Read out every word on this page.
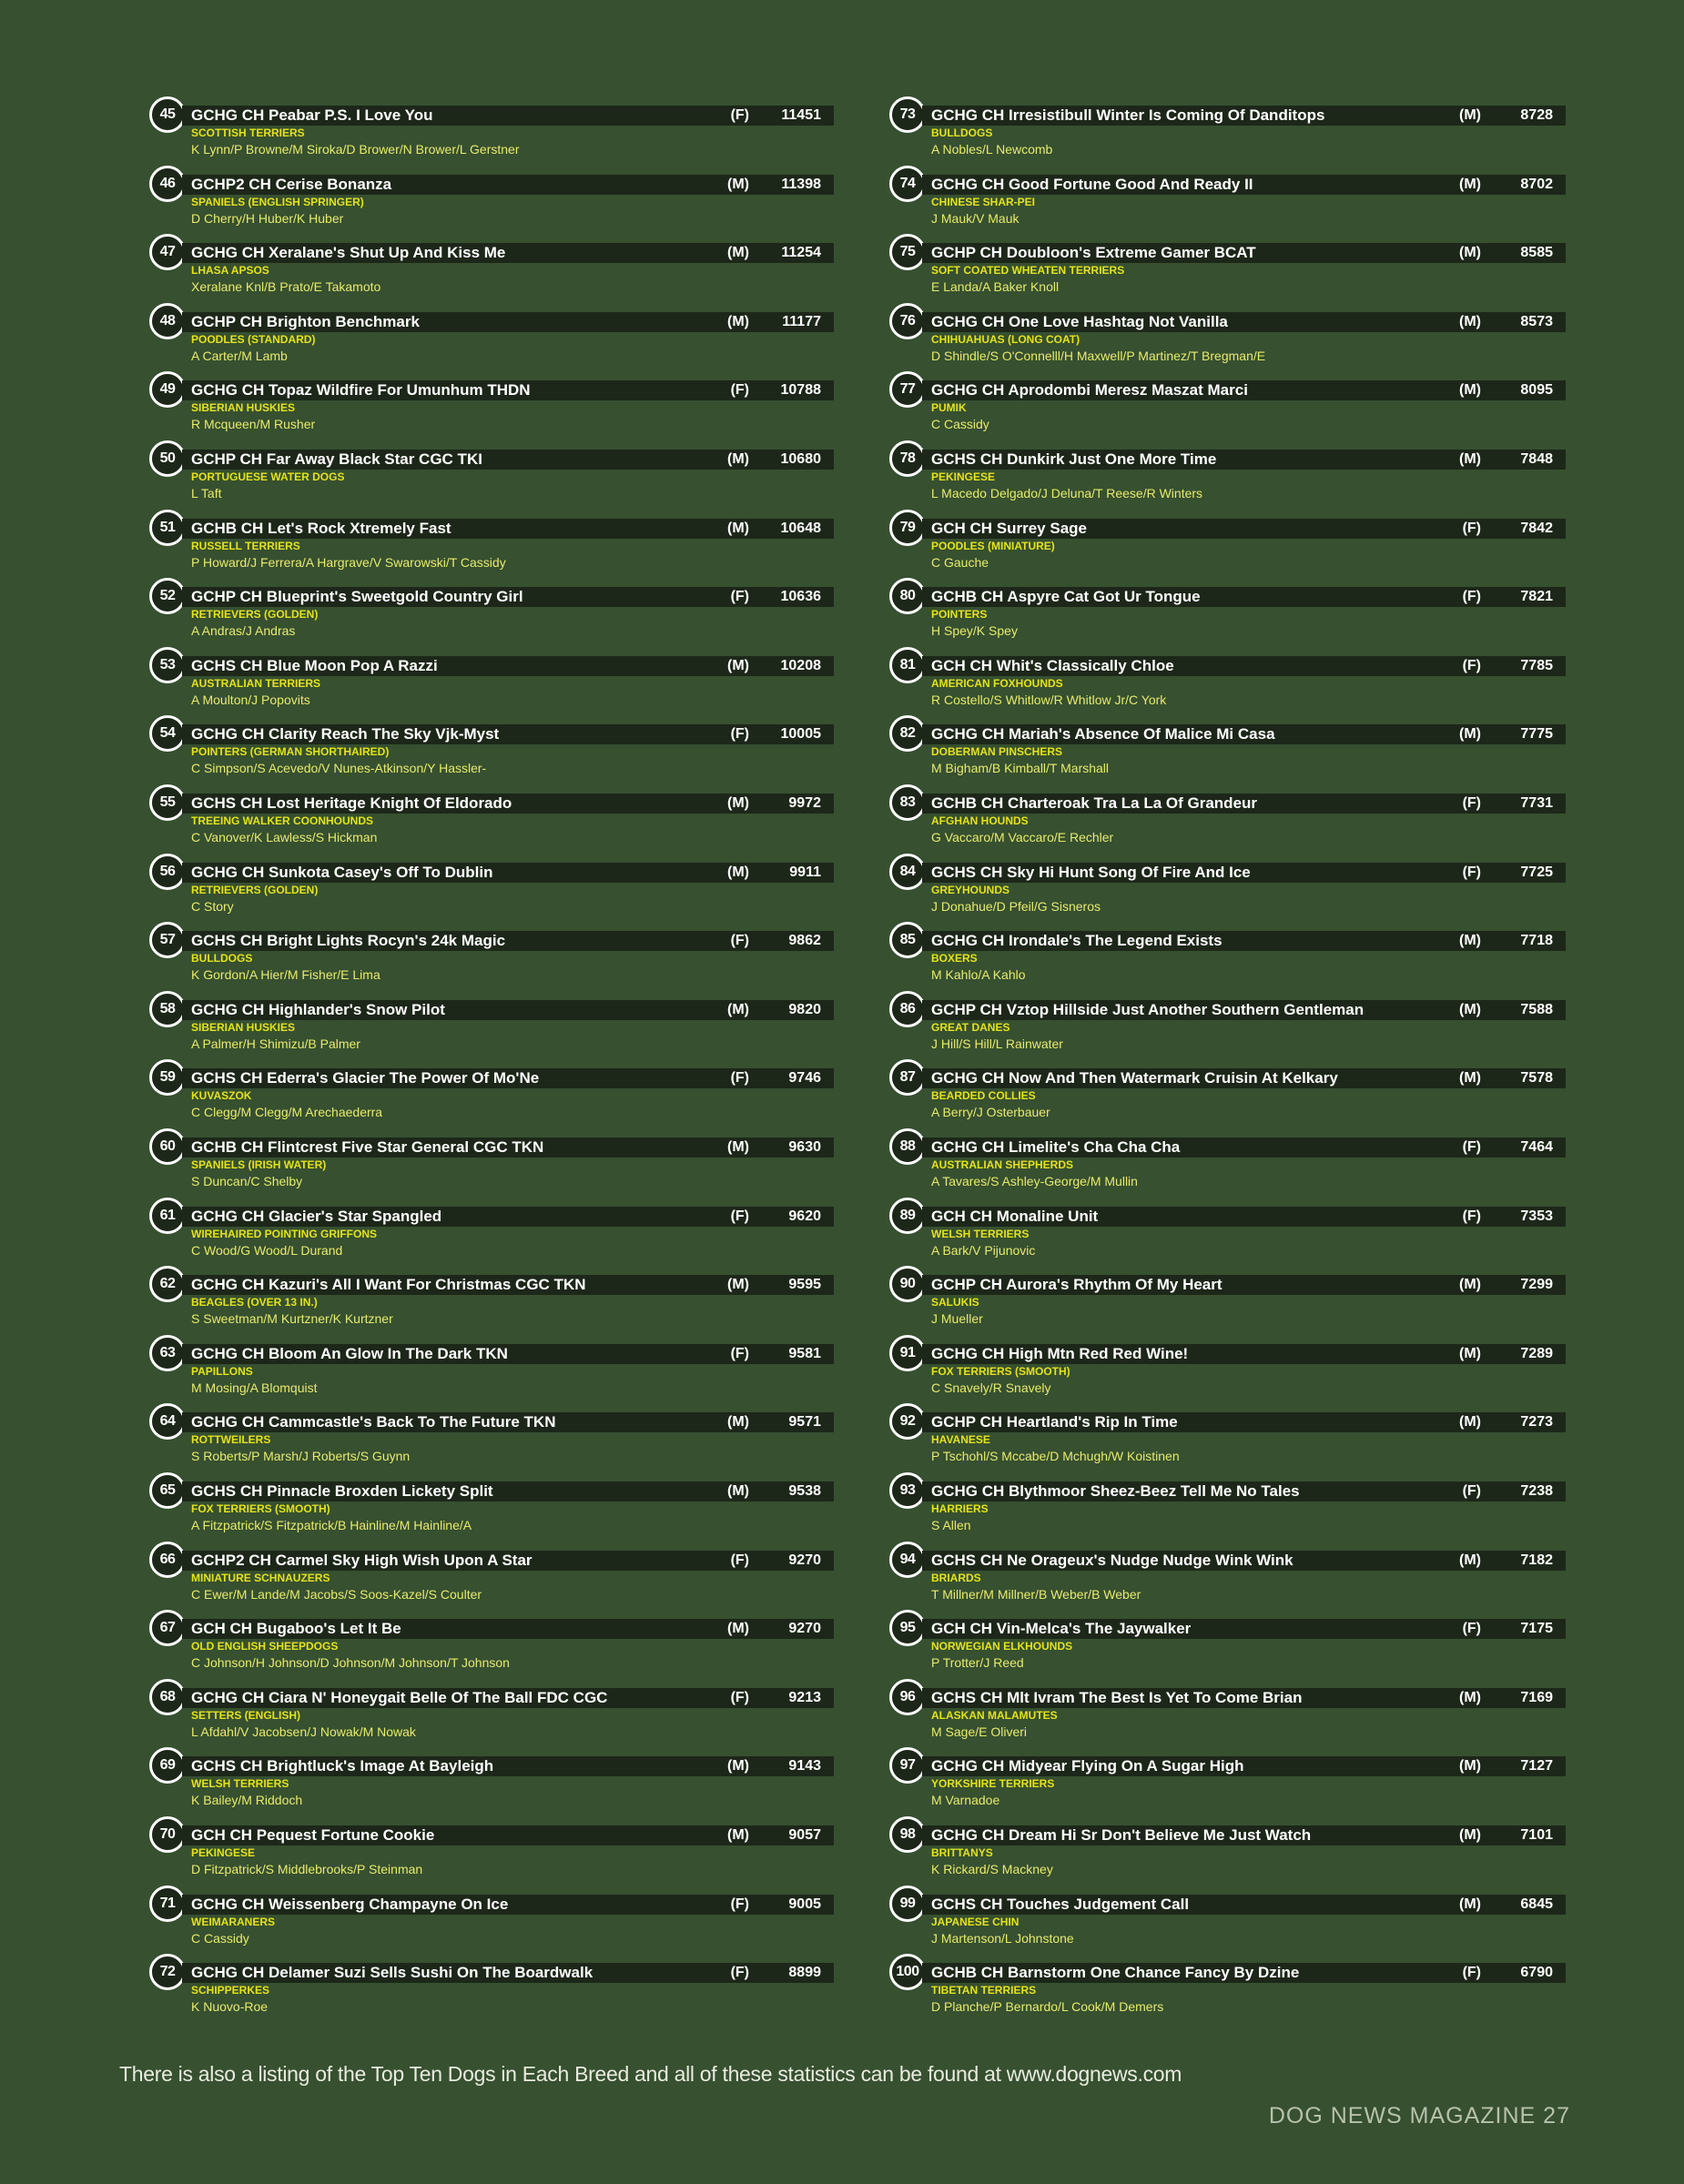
45	GCHG CH Peabar P.S. I Love You	(F)	11451
SCOTTISH TERRIERS
K Lynn/P Browne/M Siroka/D Brower/N Brower/L Gerstner
46	GCHP2 CH Cerise Bonanza	(M)	11398
SPANIELS (ENGLISH SPRINGER)
D Cherry/H Huber/K Huber
47	GCHG CH Xeralane's Shut Up And Kiss Me	(M)	11254
LHASA APSOS
Xeralane Knl/B Prato/E Takamoto
48	GCHP CH Brighton Benchmark	(M)	11177
POODLES (STANDARD)
A Carter/M Lamb
49	GCHG CH Topaz Wildfire For Umunhum THDN	(F)	10788
SIBERIAN HUSKIES
R Mcqueen/M Rusher
50	GCHP CH Far Away Black Star CGC TKI	(M)	10680
PORTUGUESE WATER DOGS
L Taft
51	GCHB CH Let's Rock Xtremely Fast	(M)	10648
RUSSELL TERRIERS
P Howard/J Ferrera/A Hargrave/V Swarowski/T Cassidy
52	GCHP CH Blueprint's Sweetgold Country Girl	(F)	10636
RETRIEVERS (GOLDEN)
A Andras/J Andras
53	GCHS CH Blue Moon Pop A Razzi	(M)	10208
AUSTRALIAN TERRIERS
A Moulton/J Popovits
54	GCHG CH Clarity Reach The Sky Vjk-Myst	(F)	10005
POINTERS (GERMAN SHORTHAIRED)
C Simpson/S Acevedo/V Nunes-Atkinson/Y Hassler-
55	GCHS CH Lost Heritage Knight Of Eldorado	(M)	9972
TREEING WALKER COONHOUNDS
C Vanover/K Lawless/S Hickman
56	GCHG CH Sunkota Casey's Off To Dublin	(M)	9911
RETRIEVERS (GOLDEN)
C Story
57	GCHS CH Bright Lights Rocyn's 24k Magic	(F)	9862
BULLDOGS
K Gordon/A Hier/M Fisher/E Lima
58	GCHG CH Highlander's Snow Pilot	(M)	9820
SIBERIAN HUSKIES
A Palmer/H Shimizu/B Palmer
59	GCHS CH Ederra's Glacier The Power Of Mo'Ne	(F)	9746
KUVASZOK
C Clegg/M Clegg/M Arechaederra
60	GCHB CH Flintcrest Five Star General CGC TKN	(M)	9630
SPANIELS (IRISH WATER)
S Duncan/C Shelby
61	GCHG CH Glacier's Star Spangled	(F)	9620
WIREHAIRED POINTING GRIFFONS
C Wood/G Wood/L Durand
62	GCHG CH Kazuri's All I Want For Christmas CGC TKN	(M)	9595
BEAGLES (OVER 13 IN.)
S Sweetman/M Kurtzner/K Kurtzner
63	GCHG CH Bloom An Glow In The Dark TKN	(F)	9581
PAPILLONS
M Mosing/A Blomquist
64	GCHG CH Cammcastle's Back To The Future TKN	(M)	9571
ROTTWEILERS
S Roberts/P Marsh/J Roberts/S Guynn
65	GCHS CH Pinnacle Broxden Lickety Split	(M)	9538
FOX TERRIERS (SMOOTH)
A Fitzpatrick/S Fitzpatrick/B Hainline/M Hainline/A
66	GCHP2 CH Carmel Sky High Wish Upon A Star	(F)	9270
MINIATURE SCHNAUZERS
C Ewer/M Lande/M Jacobs/S Soos-Kazel/S Coulter
67	GCH CH Bugaboo's Let It Be	(M)	9270
OLD ENGLISH SHEEPDOGS
C Johnson/H Johnson/D Johnson/M Johnson/T Johnson
68	GCHG CH Ciara N' Honeygait Belle Of The Ball FDC CGC	(F)	9213
SETTERS (ENGLISH)
L Afdahl/V Jacobsen/J Nowak/M Nowak
69	GCHS CH Brightluck's Image At Bayleigh	(M)	9143
WELSH TERRIERS
K Bailey/M Riddoch
70	GCH CH Pequest Fortune Cookie	(M)	9057
PEKINGESE
D Fitzpatrick/S Middlebrooks/P Steinman
71	GCHG CH Weissenberg Champayne On Ice	(F)	9005
WEIMARANERS
C Cassidy
72	GCHG CH Delamer Suzi Sells Sushi On The Boardwalk	(F)	8899
SCHIPPERKES
K Nuovo-Roe
73	GCHG CH Irresistibull Winter Is Coming Of Danditops	(M)	8728
BULLDOGS
A Nobles/L Newcomb
74	GCHG CH Good Fortune Good And Ready II	(M)	8702
CHINESE SHAR-PEI
J Mauk/V Mauk
75	GCHP CH Doubloon's Extreme Gamer BCAT	(M)	8585
SOFT COATED WHEATEN TERRIERS
E Landa/A Baker Knoll
76	GCHG CH One Love Hashtag Not Vanilla	(M)	8573
CHIHUAHUAS (LONG COAT)
D Shindle/S O'Connelll/H Maxwell/P Martinez/T Bregman/E
77	GCHG CH Aprodombi Meresz Maszat Marci	(M)	8095
PUMIK
C Cassidy
78	GCHS CH Dunkirk Just One More Time	(M)	7848
PEKINGESE
L Macedo Delgado/J Deluna/T Reese/R Winters
79	GCH CH Surrey Sage	(F)	7842
POODLES (MINIATURE)
C Gauche
80	GCHB CH Aspyre Cat Got Ur Tongue	(F)	7821
POINTERS
H Spey/K Spey
81	GCH CH Whit's Classically Chloe	(F)	7785
AMERICAN FOXHOUNDS
R Costello/S Whitlow/R Whitlow Jr/C York
82	GCHG CH Mariah's Absence Of Malice Mi Casa	(M)	7775
DOBERMAN PINSCHERS
M Bigham/B Kimball/T Marshall
83	GCHB CH Charteroak Tra La La Of Grandeur	(F)	7731
AFGHAN HOUNDS
G Vaccaro/M Vaccaro/E Rechler
84	GCHS CH Sky Hi Hunt Song Of Fire And Ice	(F)	7725
GREYHOUNDS
J Donahue/D Pfeil/G Sisneros
85	GCHG CH Irondale's The Legend Exists	(M)	7718
BOXERS
M Kahlo/A Kahlo
86	GCHP CH Vztop Hillside Just Another Southern Gentleman	(M)	7588
GREAT DANES
J Hill/S Hill/L Rainwater
87	GCHG CH Now And Then Watermark Cruisin At Kelkary	(M)	7578
BEARDED COLLIES
A Berry/J Osterbauer
88	GCHG CH Limelite's Cha Cha Cha	(F)	7464
AUSTRALIAN SHEPHERDS
A Tavares/S Ashley-George/M Mullin
89	GCH CH Monaline Unit	(F)	7353
WELSH TERRIERS
A Bark/V Pijunovic
90	GCHP CH Aurora's Rhythm Of My Heart	(M)	7299
SALUKIS
J Mueller
91	GCHG CH High Mtn Red Red Wine!	(M)	7289
FOX TERRIERS (SMOOTH)
C Snavely/R Snavely
92	GCHP CH Heartland's Rip In Time	(M)	7273
HAVANESE
P Tschohl/S Mccabe/D Mchugh/W Koistinen
93	GCHG CH Blythmoor Sheez-Beez Tell Me No Tales	(F)	7238
HARRIERS
S Allen
94	GCHS CH Ne Orageux's Nudge Nudge Wink Wink	(M)	7182
BRIARDS
T Millner/M Millner/B Weber/B Weber
95	GCH CH Vin-Melca's The Jaywalker	(F)	7175
NORWEGIAN ELKHOUNDS
P Trotter/J Reed
96	GCHS CH Mlt Ivram The Best Is Yet To Come Brian	(M)	7169
ALASKAN MALAMUTES
M Sage/E Oliveri
97	GCHG CH Midyear Flying On A Sugar High	(M)	7127
YORKSHIRE TERRIERS
M Varnadoe
98	GCHG CH Dream Hi Sr Don't Believe Me Just Watch	(M)	7101
BRITTANYS
K Rickard/S Mackney
99	GCHS CH Touches Judgement Call	(M)	6845
JAPANESE CHIN
J Martenson/L Johnstone
100 GCHB CH Barnstorm One Chance Fancy By Dzine	(F)	6790
TIBETAN TERRIERS
D Planche/P Bernardo/L Cook/M Demers
There is also a listing of the Top Ten Dogs in Each Breed and all of these statistics can be found at www.dognews.com
DOG NEWS MAGAZINE 27
